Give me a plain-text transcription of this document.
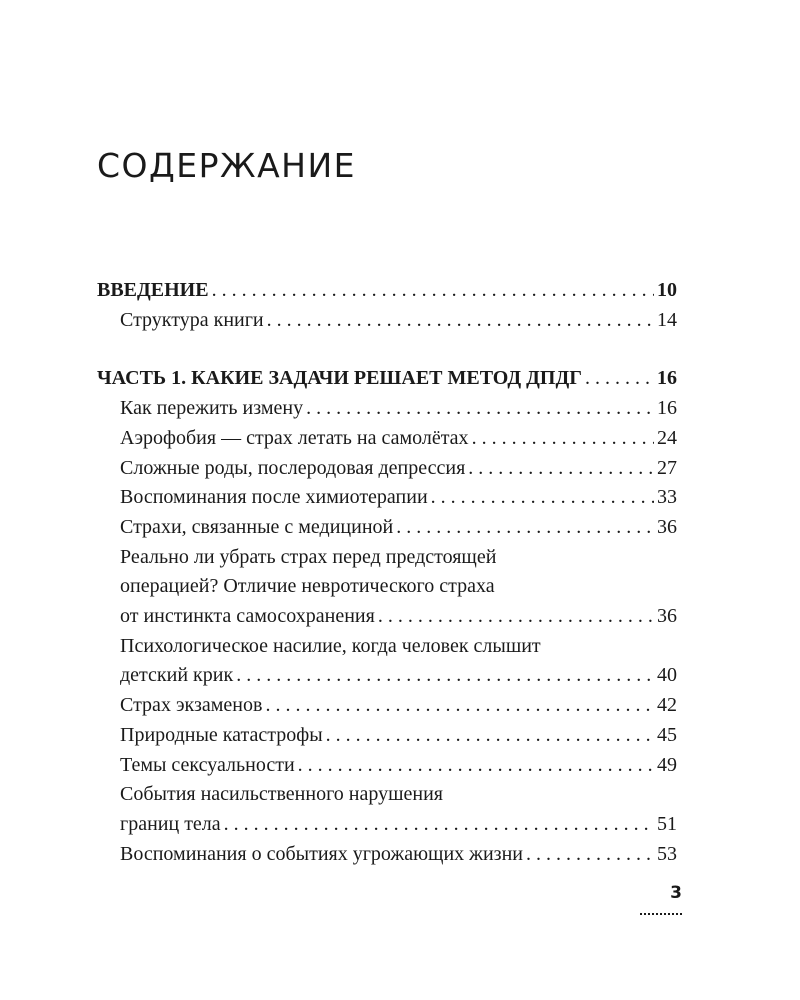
СОДЕРЖАНИЕ
ВВЕДЕНИЕ . . .	10
Структура книги . . .	14
ЧАСТЬ 1. КАКИЕ ЗАДАЧИ РЕШАЕТ МЕТОД ДПДГ . . .	16
Как пережить измену . . .	16
Аэрофобия — страх летать на самолётах . . .	24
Сложные роды, послеродовая депрессия . . .	27
Воспоминания после химиотерапии . . .	33
Страхи, связанные с медициной . . .	36
Реально ли убрать страх перед предстоящей
операцией? Отличие невротического страха
от инстинкта самосохранения . . .	36
Психологическое насилие, когда человек слышит
детский крик . . .	40
Страх экзаменов . . .	42
Природные катастрофы . . .	45
Темы сексуальности . . .	49
События насильственного нарушения
границ тела . . .	51
Воспоминания о событиях угрожающих жизни . . .	53
3
